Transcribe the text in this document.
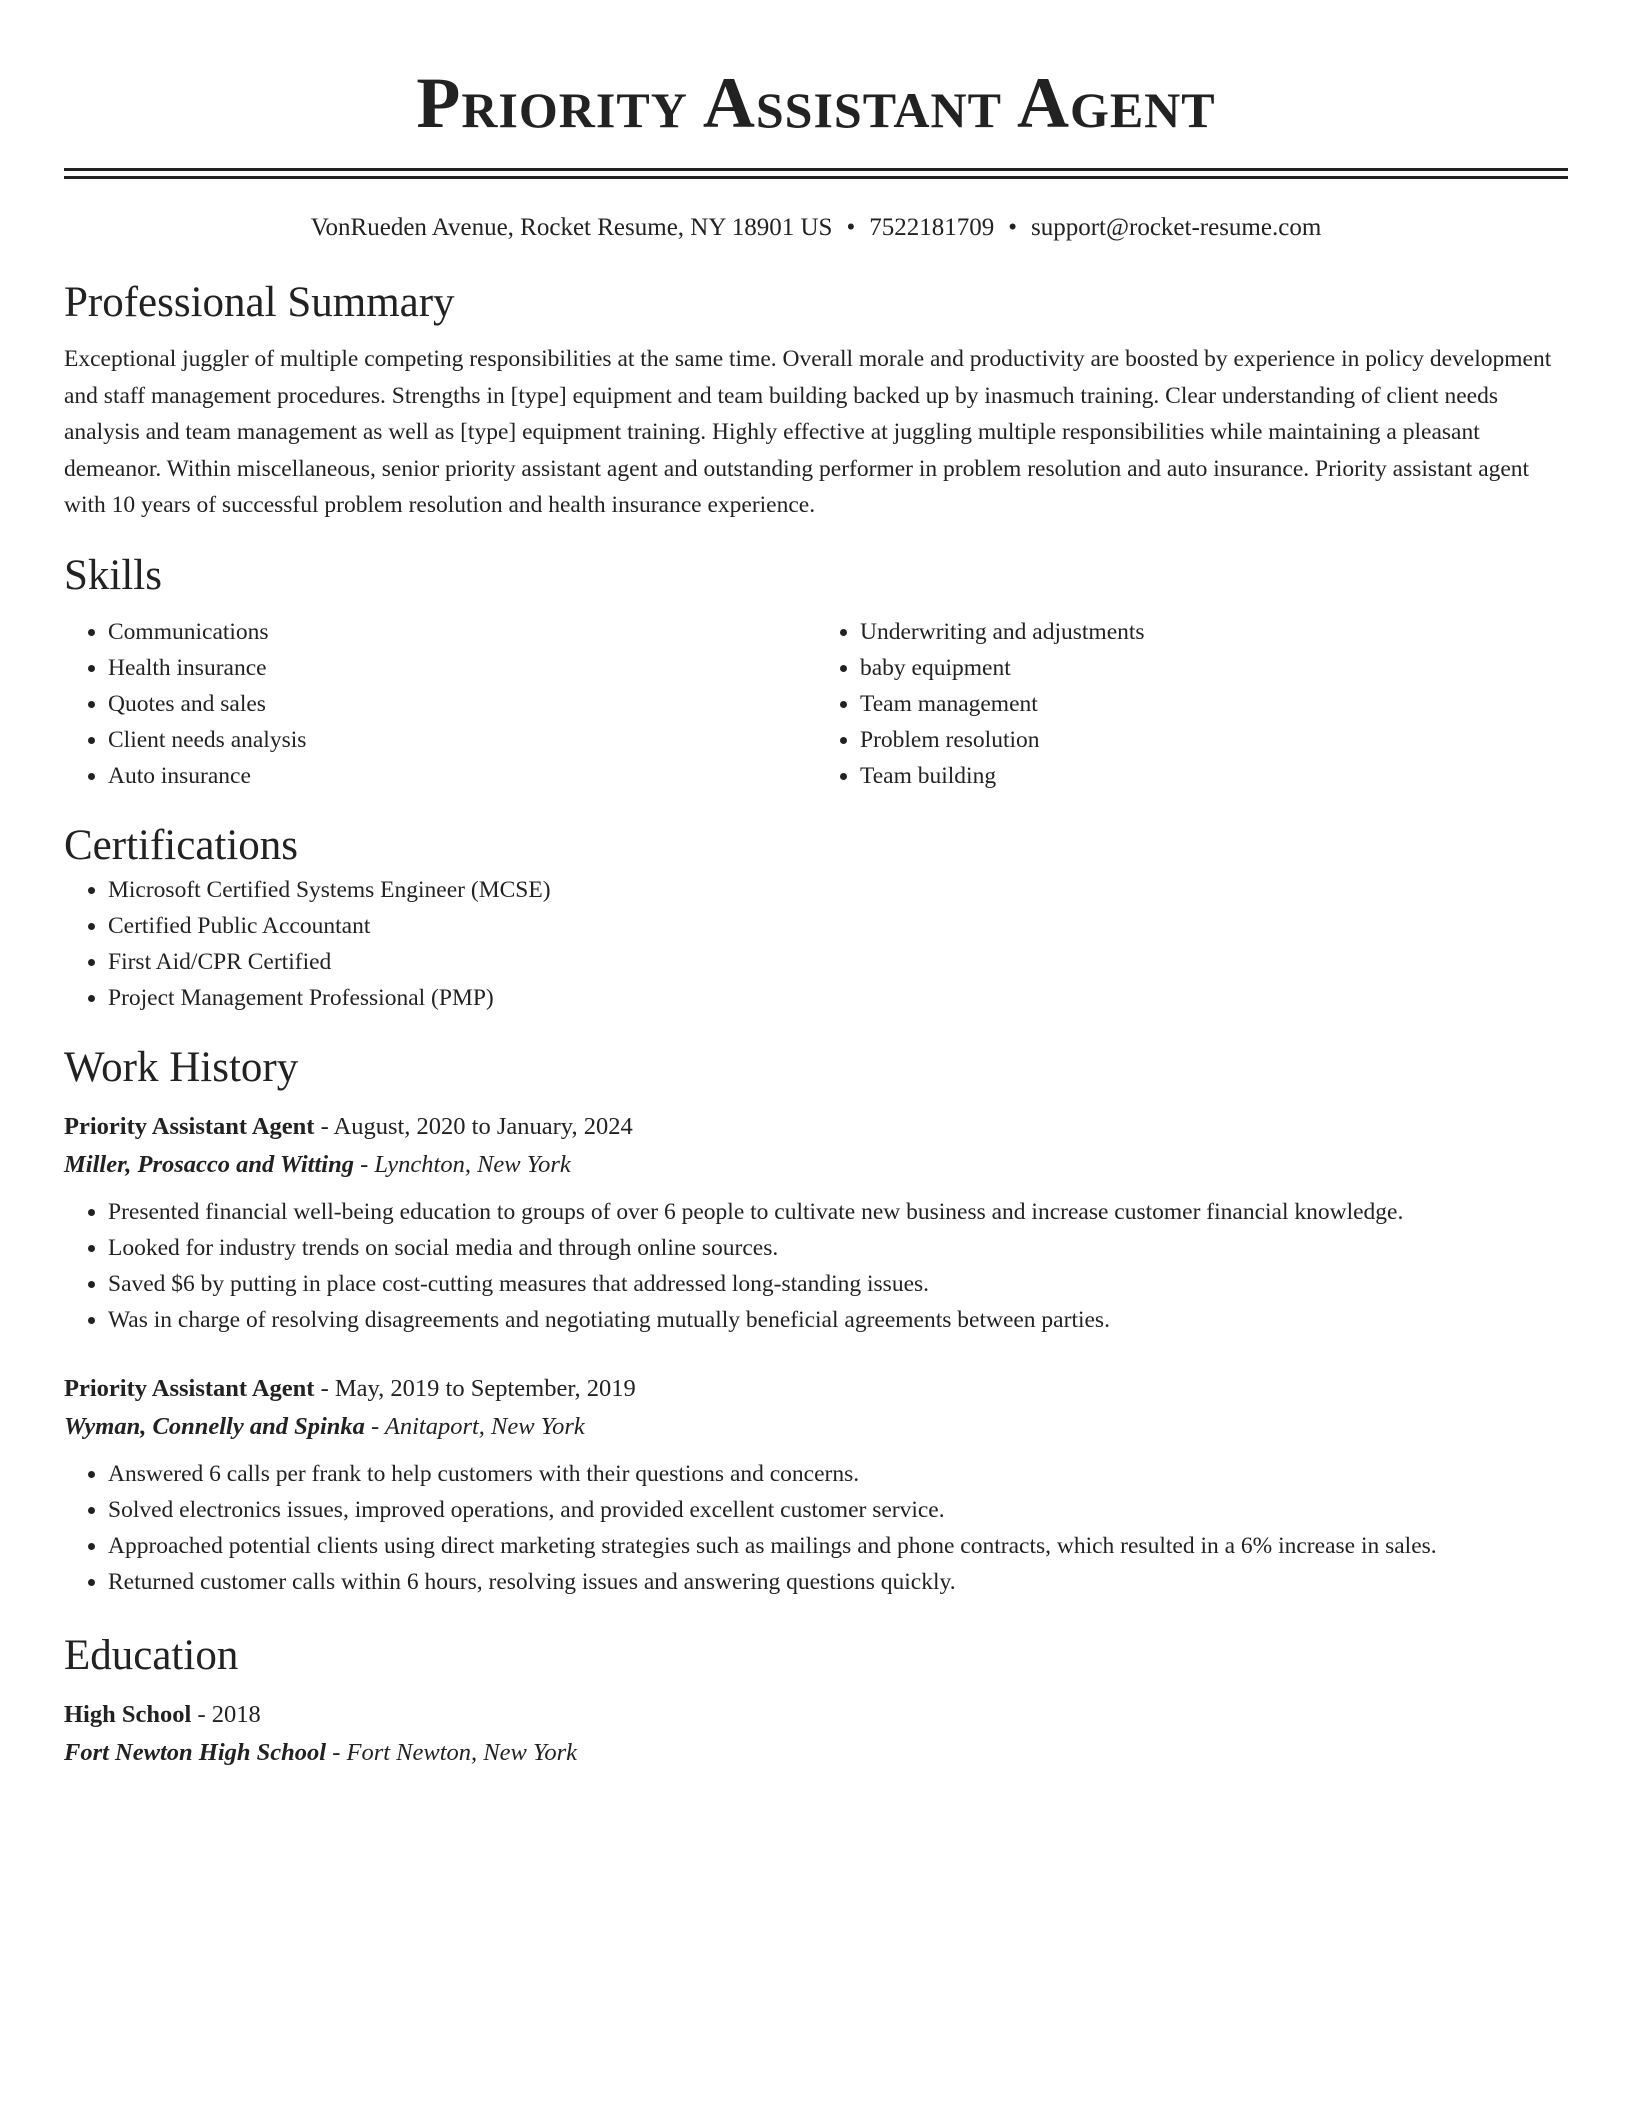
Priority Assistant Agent
VonRueden Avenue, Rocket Resume, NY 18901 US • 7522181709 • support@rocket-resume.com
Professional Summary

Exceptional juggler of multiple competing responsibilities at the same time. Overall morale and productivity are boosted by experience in policy development and staff management procedures. Strengths in [type] equipment and team building backed up by inasmuch training. Clear understanding of client needs analysis and team management as well as [type] equipment training. Highly effective at juggling multiple responsibilities while maintaining a pleasant demeanor. Within miscellaneous, senior priority assistant agent and outstanding performer in problem resolution and auto insurance. Priority assistant agent with 10 years of successful problem resolution and health insurance experience.

Skills
• Communications
• Health insurance
• Quotes and sales
• Client needs analysis
• Auto insurance
• Underwriting and adjustments
• baby equipment
• Team management
• Problem resolution
• Team building
Certifications
• Microsoft Certified Systems Engineer (MCSE)
• Certified Public Accountant
• First Aid/CPR Certified
• Project Management Professional (PMP)
Work History
Priority Assistant Agent - August, 2020 to January, 2024
Miller, Prosacco and Witting - Lynchton, New York
• Presented financial well-being education to groups of over 6 people to cultivate new business and increase customer financial knowledge.
• Looked for industry trends on social media and through online sources.
• Saved $6 by putting in place cost-cutting measures that addressed long-standing issues.
• Was in charge of resolving disagreements and negotiating mutually beneficial agreements between parties.
Priority Assistant Agent - May, 2019 to September, 2019
Wyman, Connelly and Spinka - Anitaport, New York
• Answered 6 calls per frank to help customers with their questions and concerns.
• Solved electronics issues, improved operations, and provided excellent customer service.
• Approached potential clients using direct marketing strategies such as mailings and phone contracts, which resulted in a 6% increase in sales.
• Returned customer calls within 6 hours, resolving issues and answering questions quickly.
Education
High School - 2018
Fort Newton High School - Fort Newton, New York
